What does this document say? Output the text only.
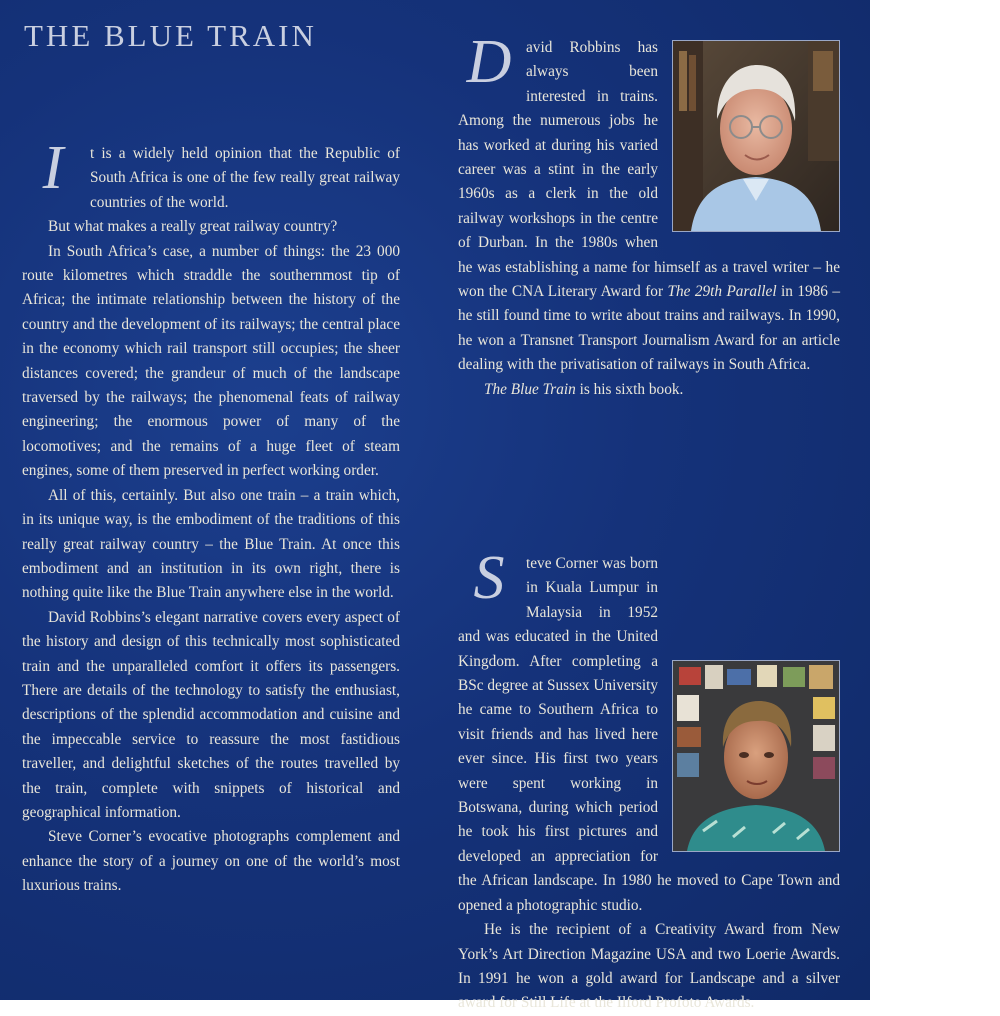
THE BLUE TRAIN

I	t is a widely held opinion that the Republic of South Africa is one of the few really great railway countries of the world.

But what makes a really great railway country?

In South Africa’s case, a number of things: the 23 000 route kilometres which straddle the southernmost tip of Africa; the intimate relationship between the history of the country and the development of its railways; the central place in the economy which rail transport still occupies; the sheer distances covered; the grandeur of much of the landscape traversed by the railways; the phenomenal feats of railway engineering; the enormous power of many of the locomotives; and the remains of a huge fleet of steam engines, some of them preserved in perfect working order.

All of this, certainly. But also one train – a train which, in its unique way, is the embodiment of the traditions of this really great railway country – the Blue Train. At once this embodiment and an institution in its own right, there is nothing quite like the Blue Train anywhere else in the world.

David Robbins’s elegant narrative covers every aspect of the history and design of this technically most sophisticated train and the unparalleled comfort it offers its passengers. There are details of the technology to satisfy the enthusiast, descriptions of the splendid accommodation and cuisine and the impeccable service to reassure the most fastidious traveller, and delightful sketches of the routes travelled by the train, complete with snippets of historical and geographical information.

Steve Corner’s evocative photographs complement and enhance the story of a journey on one of the world’s most luxurious trains.

D avid Robbins has always been interested in trains. Among the numerous jobs he has worked at during his varied career was a stint in the early 1960s as a clerk in the old railway workshops in the centre of Durban. In the 1980s when he was establishing a name for himself as a travel writer – he won the CNA Literary Award for The 29th Parallel in 1986 – he still found time to write about trains and railways. In 1990, he won a Transnet Transport Journalism Award for an article dealing with the privatisation of railways in South Africa.

The Blue Train is his sixth book.

S	teve Corner was born in Kuala Lumpur in Malaysia in 1952 and was educated in the United Kingdom. After completing a BSc degree at Sussex University he came to Southern Africa to visit friends and has lived here ever since. His first two years were spent working in Botswana, during which period he took his first pictures and developed an appreciation for the African landscape. In 1980 he moved to Cape Town and opened a photographic studio.

He is the recipient of a Creativity Award from New York’s Art Direction Magazine USA and two Loerie Awards. In 1991 he won a gold award for Landscape and a silver award for Still Life at the Ilford Profoto Awards.
